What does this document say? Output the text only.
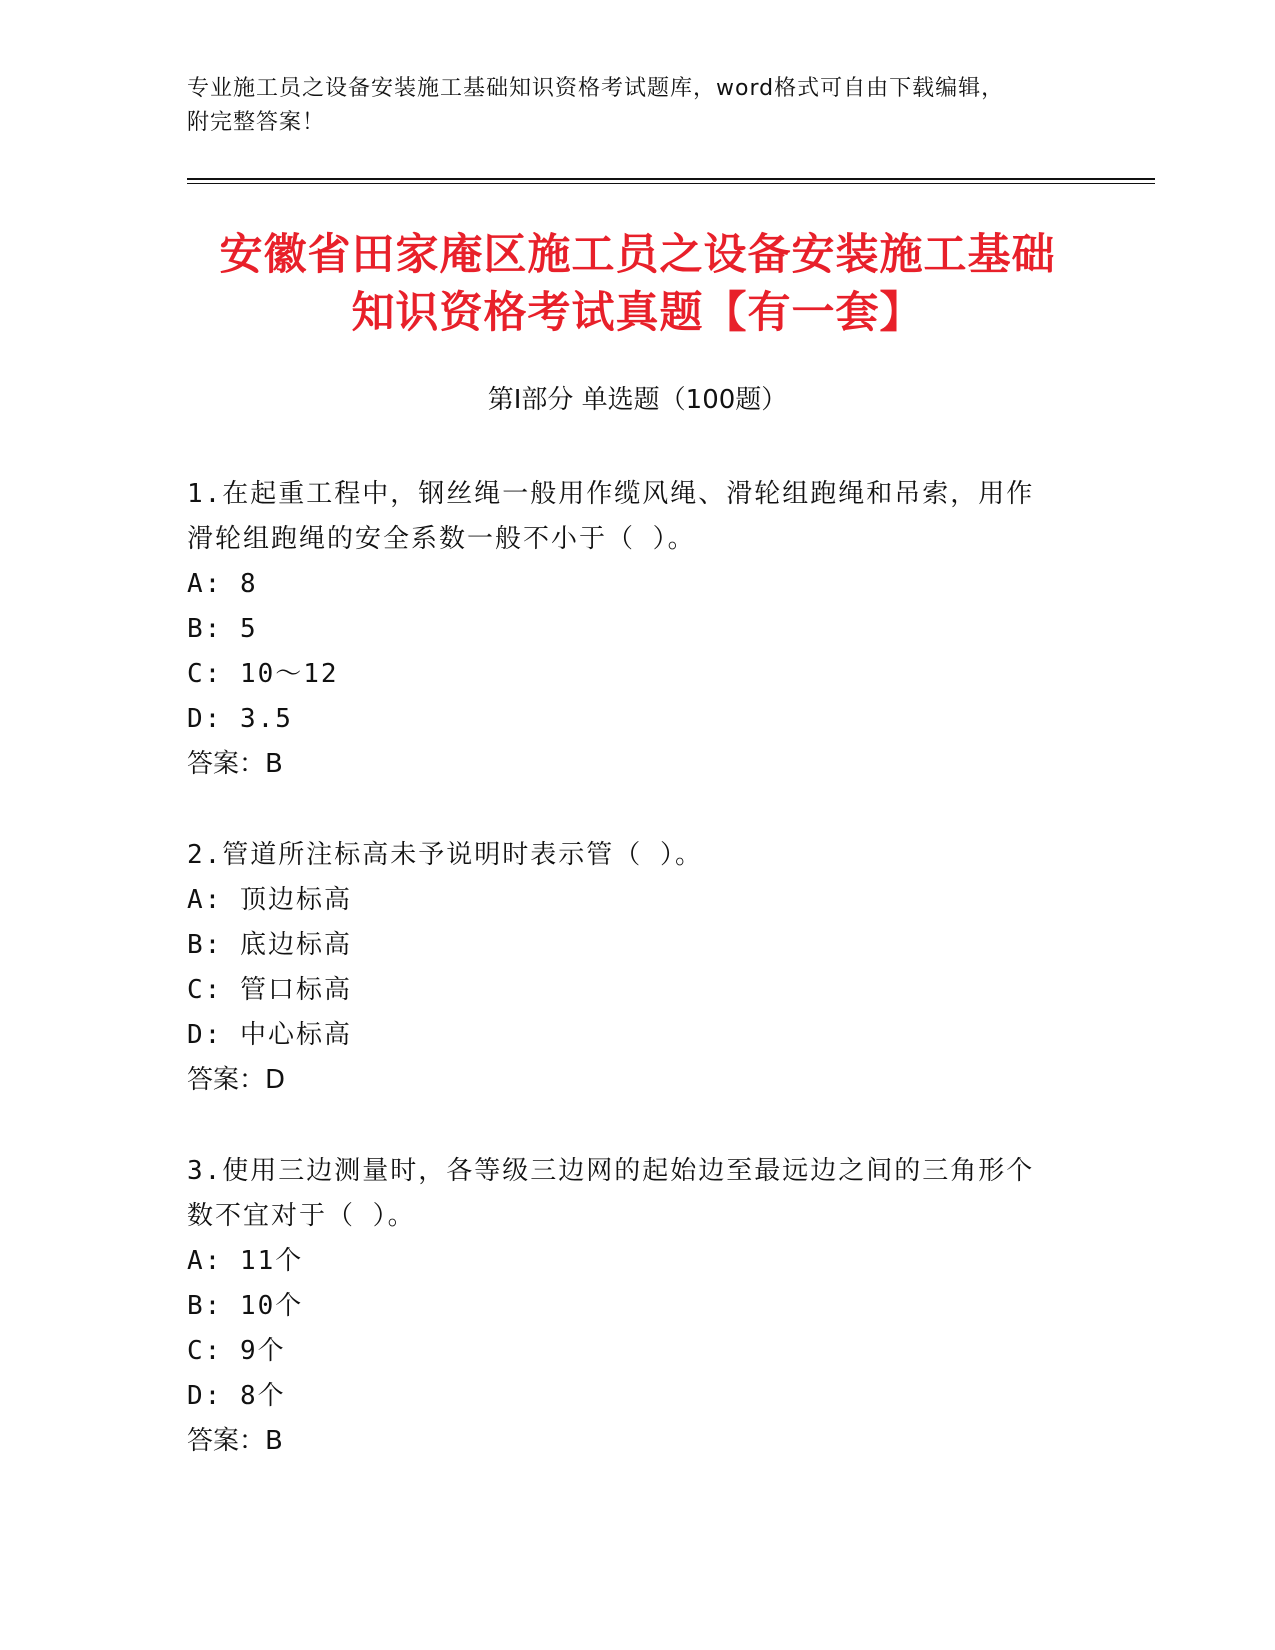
专业施工员之设备安装施工基础知识资格考试题库，word格式可自由下载编辑，
附完整答案！
安徽省田家庵区施工员之设备安装施工基础
知识资格考试真题【有一套】
第Ⅰ部分 单选题（100题）

1.在起重工程中，钢丝绳一般用作缆风绳、滑轮组跑绳和吊索，用作

滑轮组跑绳的安全系数一般不小于（ ）。

A: 8

B: 5

C: 10～12

D: 3.5

答案：B

2.管道所注标高未予说明时表示管（ ）。

A: 顶边标高

B: 底边标高

C: 管口标高

D: 中心标高

答案：D

3.使用三边测量时，各等级三边网的起始边至最远边之间的三角形个

数不宜对于（ ）。

A: 11个

B: 10个

C: 9个

D: 8个

答案：B
